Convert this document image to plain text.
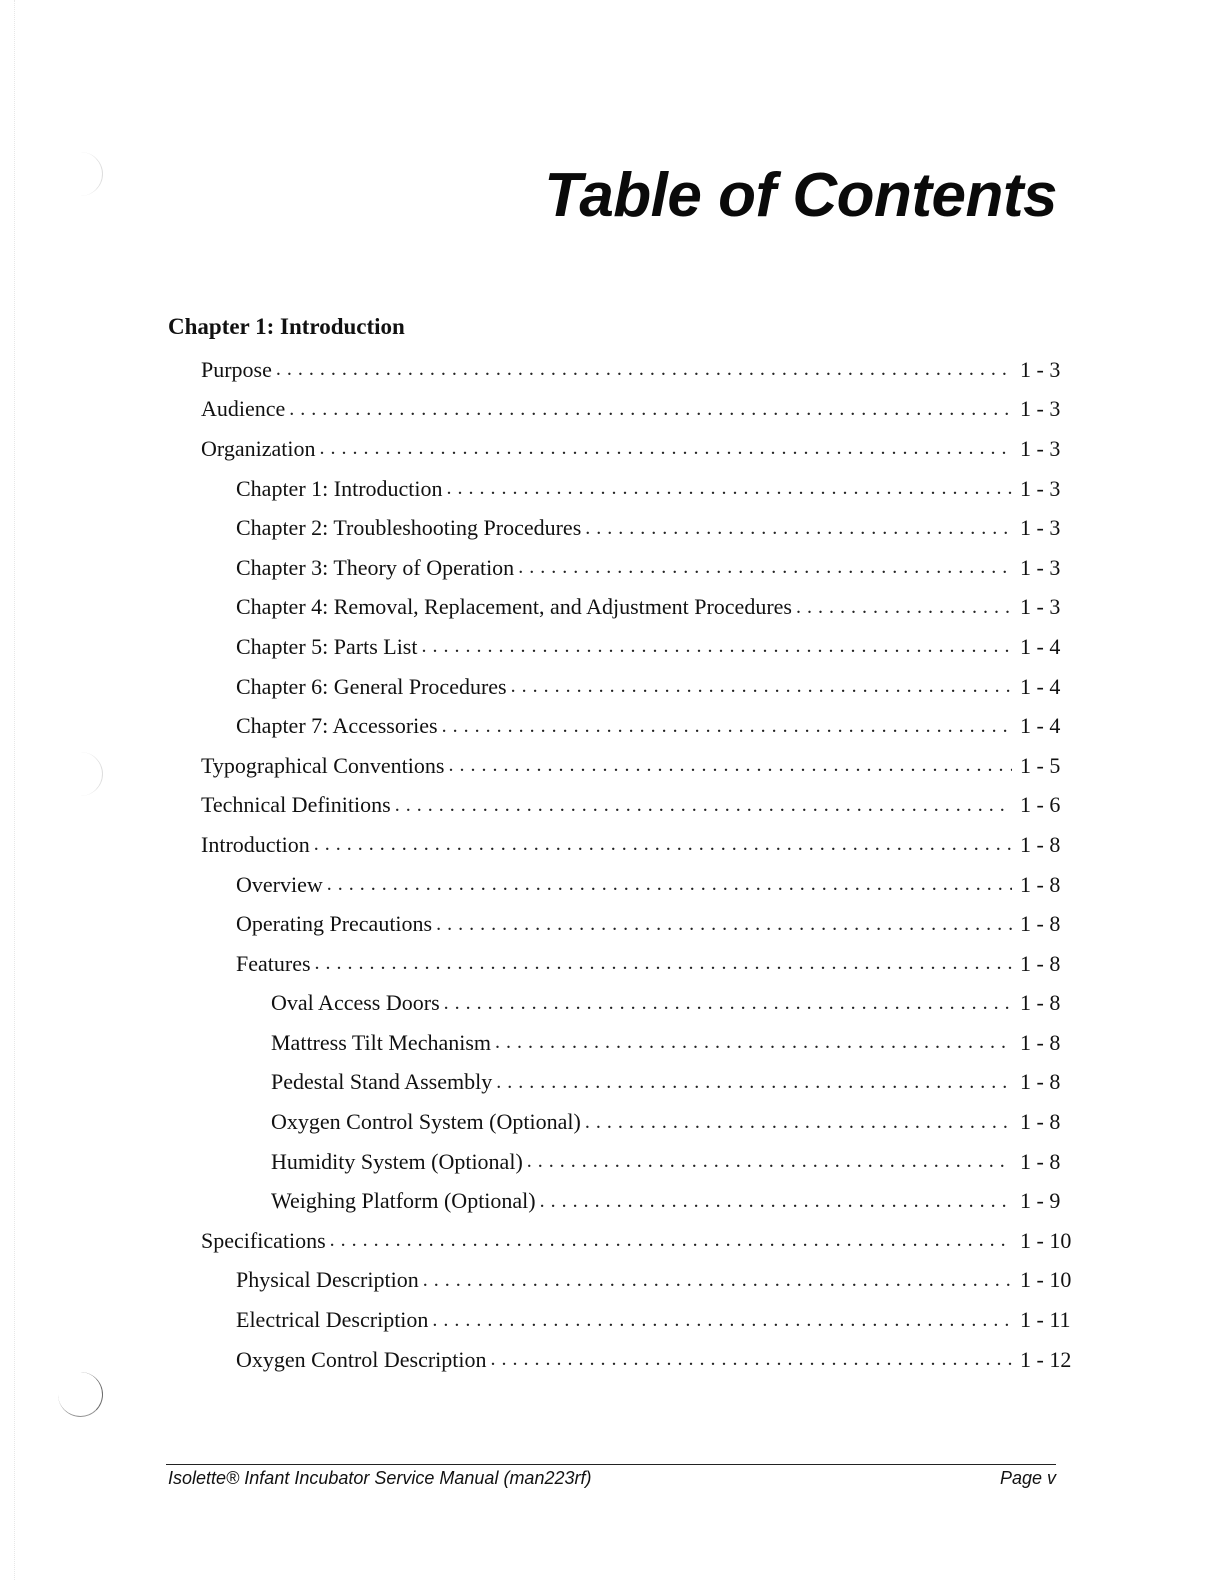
Table of Contents
Chapter 1: Introduction
Purpose . . .	1 - 3
Audience . . .	1 - 3
Organization . . .	1 - 3
Chapter 1: Introduction . . .	1 - 3
Chapter 2: Troubleshooting Procedures . . .	1 - 3
Chapter 3: Theory of Operation . . .	1 - 3
Chapter 4: Removal, Replacement, and Adjustment Procedures . . .	1 - 3
Chapter 5: Parts List . . .	1 - 4
Chapter 6: General Procedures . . .	1 - 4
Chapter 7: Accessories . . .	1 - 4
Typographical Conventions . . .	1 - 5
Technical Definitions . . .	1 - 6
Introduction . . .	1 - 8
Overview . . .	1 - 8
Operating Precautions . . .	1 - 8
Features . . .	1 - 8
Oval Access Doors . . .	1 - 8
Mattress Tilt Mechanism . . .	1 - 8
Pedestal Stand Assembly . . .	1 - 8
Oxygen Control System (Optional) . . .	1 - 8
Humidity System (Optional) . . .	1 - 8
Weighing Platform (Optional) . . .	1 - 9
Specifications . . .	1 - 10
Physical Description . . .	1 - 10
Electrical Description . . .	1 - 11
Oxygen Control Description . . .	1 - 12
Isolette® Infant Incubator Service Manual (man223rf)	Page v
